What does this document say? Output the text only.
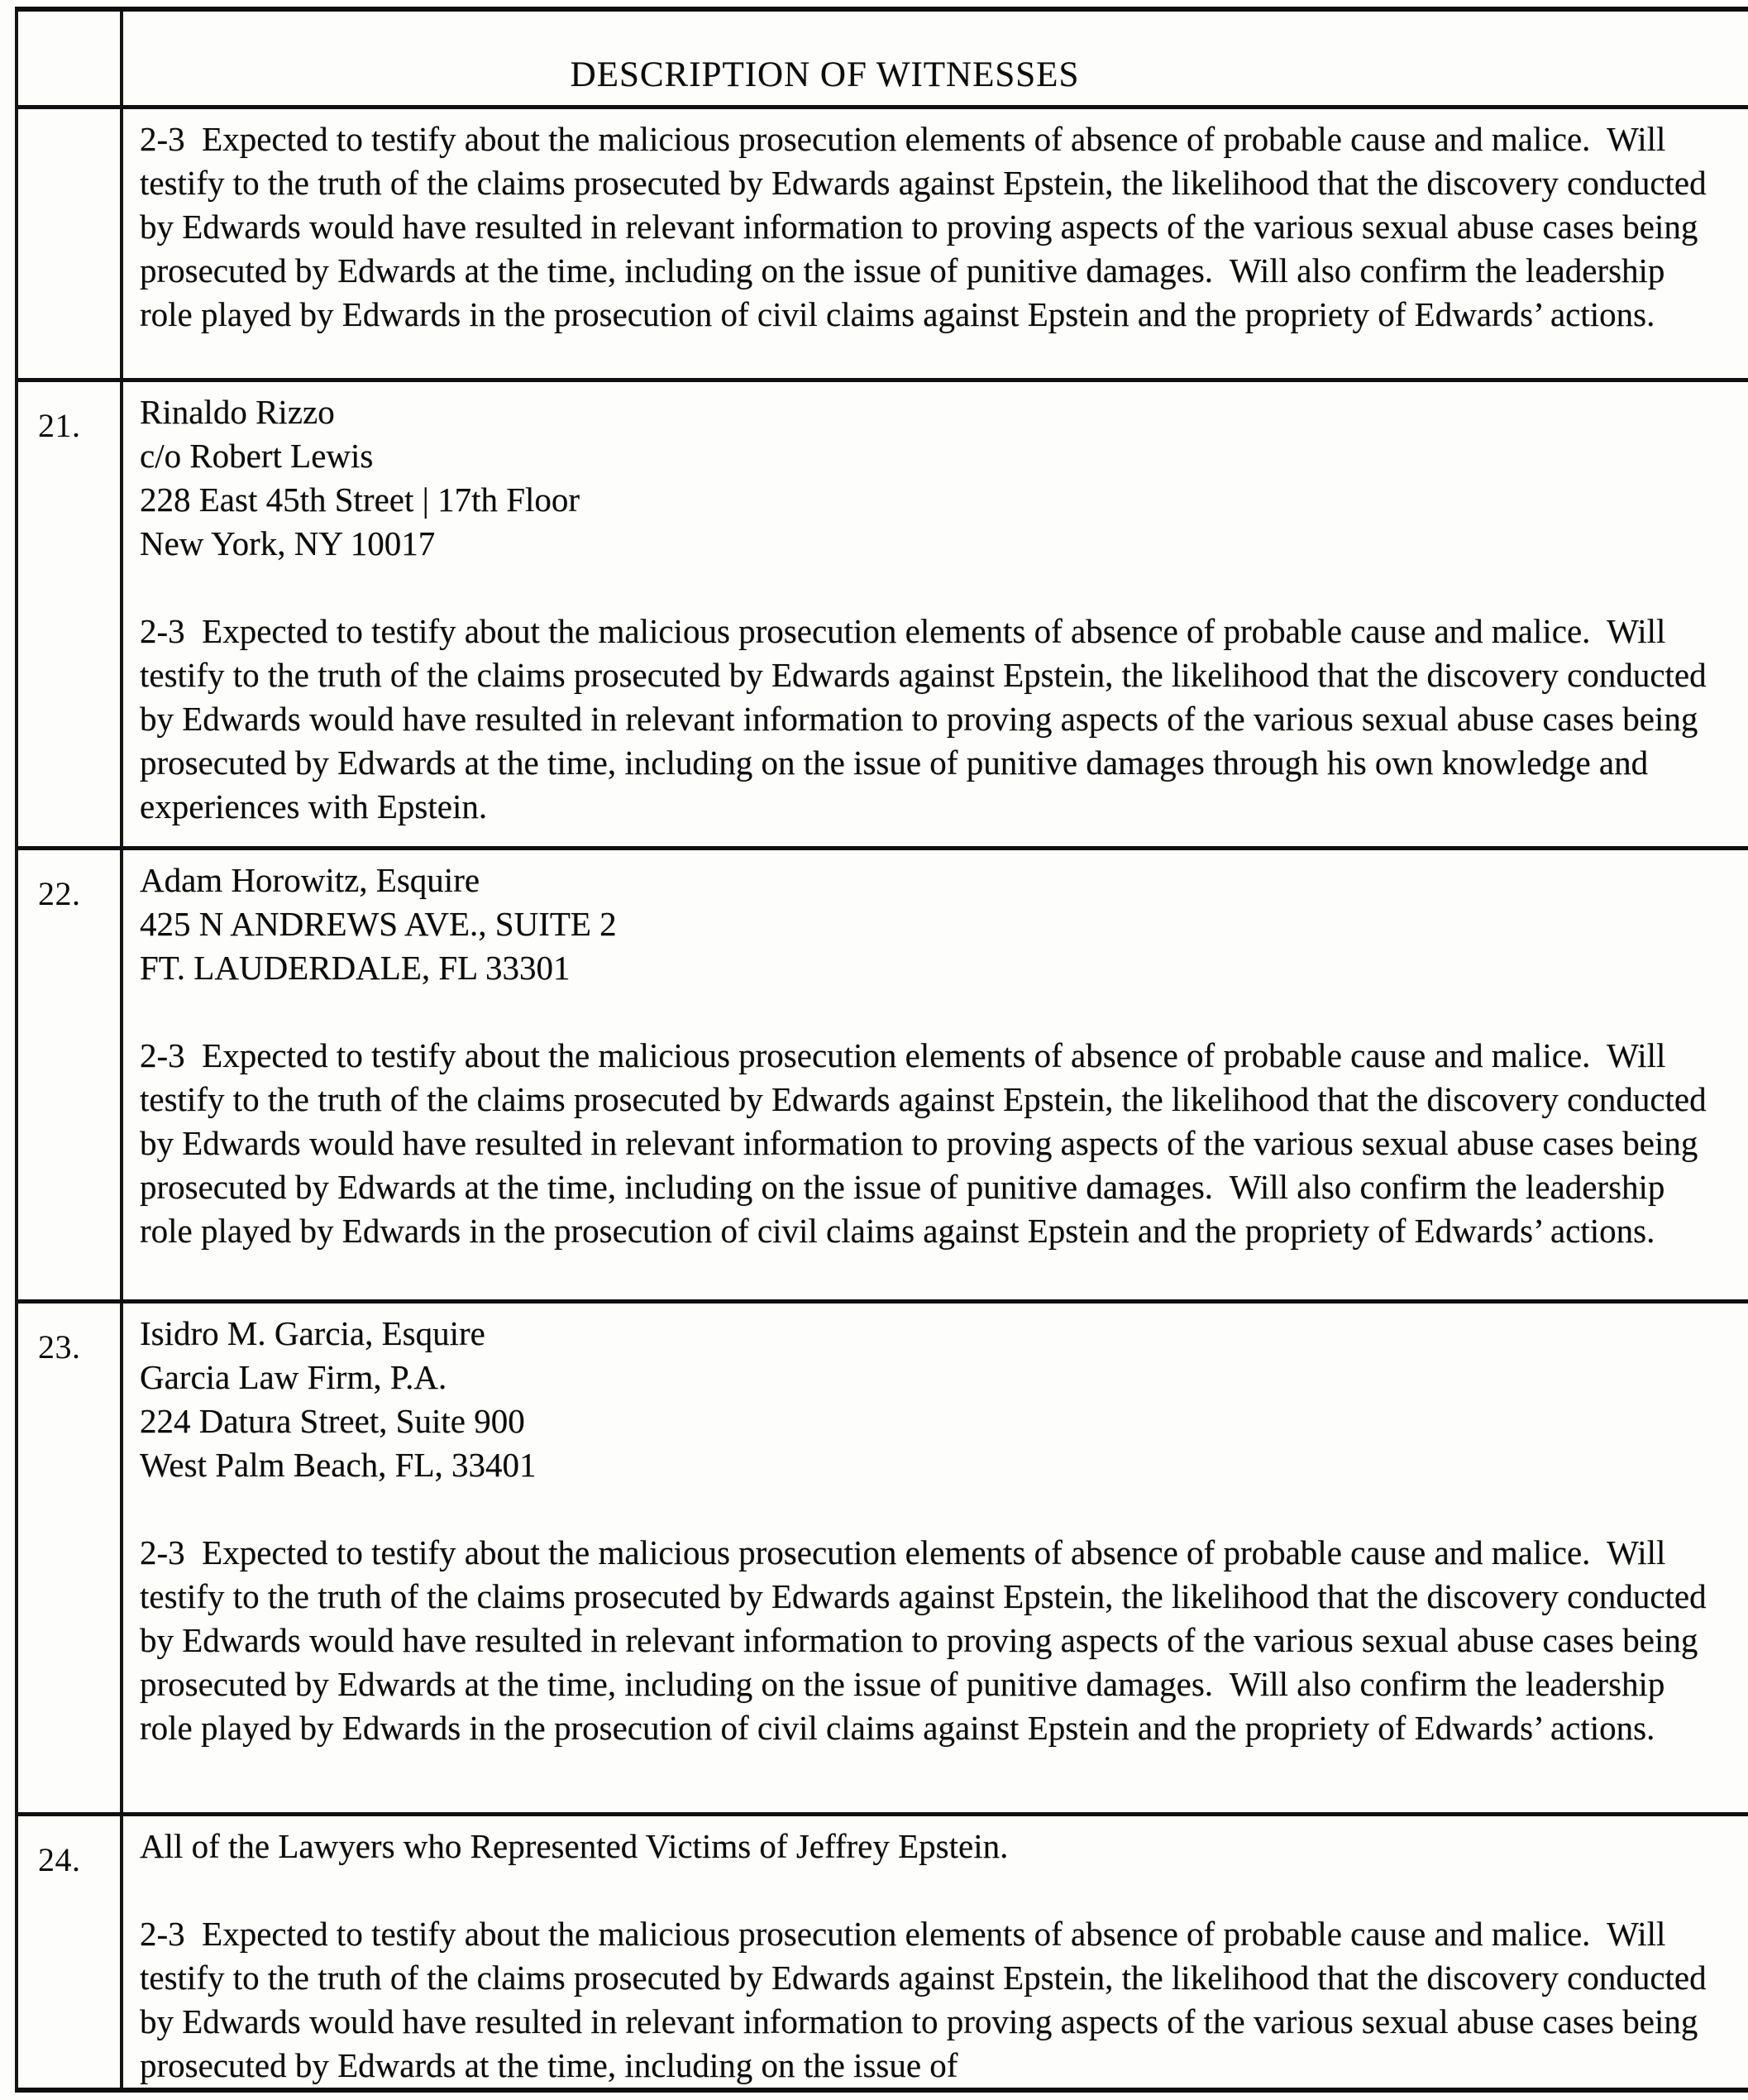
DESCRIPTION OF WITNESSES

2-3  Expected to testify about the malicious prosecution elements of absence of probable cause and malice.  Will testify to the truth of the claims prosecuted by Edwards against Epstein, the likelihood that the discovery conducted by Edwards would have resulted in relevant information to proving aspects of the various sexual abuse cases being prosecuted by Edwards at the time, including on the issue of punitive damages.  Will also confirm the leadership role played by Edwards in the prosecution of civil claims against Epstein and the propriety of Edwards’ actions.

21.	Rinaldo Rizzo
c/o Robert Lewis
228 East 45th Street | 17th Floor
New York, NY 10017

2-3  Expected to testify about the malicious prosecution elements of absence of probable cause and malice.  Will testify to the truth of the claims prosecuted by Edwards against Epstein, the likelihood that the discovery conducted by Edwards would have resulted in relevant information to proving aspects of the various sexual abuse cases being prosecuted by Edwards at the time, including on the issue of punitive damages through his own knowledge and experiences with Epstein.

22.	Adam Horowitz, Esquire
425 N ANDREWS AVE., SUITE 2
FT. LAUDERDALE, FL 33301

2-3  Expected to testify about the malicious prosecution elements of absence of probable cause and malice.  Will testify to the truth of the claims prosecuted by Edwards against Epstein, the likelihood that the discovery conducted by Edwards would have resulted in relevant information to proving aspects of the various sexual abuse cases being prosecuted by Edwards at the time, including on the issue of punitive damages.  Will also confirm the leadership role played by Edwards in the prosecution of civil claims against Epstein and the propriety of Edwards’ actions.

23.	Isidro M. Garcia, Esquire
Garcia Law Firm, P.A.
224 Datura Street, Suite 900
West Palm Beach, FL, 33401

2-3  Expected to testify about the malicious prosecution elements of absence of probable cause and malice.  Will testify to the truth of the claims prosecuted by Edwards against Epstein, the likelihood that the discovery conducted by Edwards would have resulted in relevant information to proving aspects of the various sexual abuse cases being prosecuted by Edwards at the time, including on the issue of punitive damages.  Will also confirm the leadership role played by Edwards in the prosecution of civil claims against Epstein and the propriety of Edwards’ actions.

24.	All of the Lawyers who Represented Victims of Jeffrey Epstein.

2-3  Expected to testify about the malicious prosecution elements of absence of probable cause and malice.  Will testify to the truth of the claims prosecuted by Edwards against Epstein, the likelihood that the discovery conducted by Edwards would have resulted in relevant information to proving aspects of the various sexual abuse cases being prosecuted by Edwards at the time, including on the issue of
